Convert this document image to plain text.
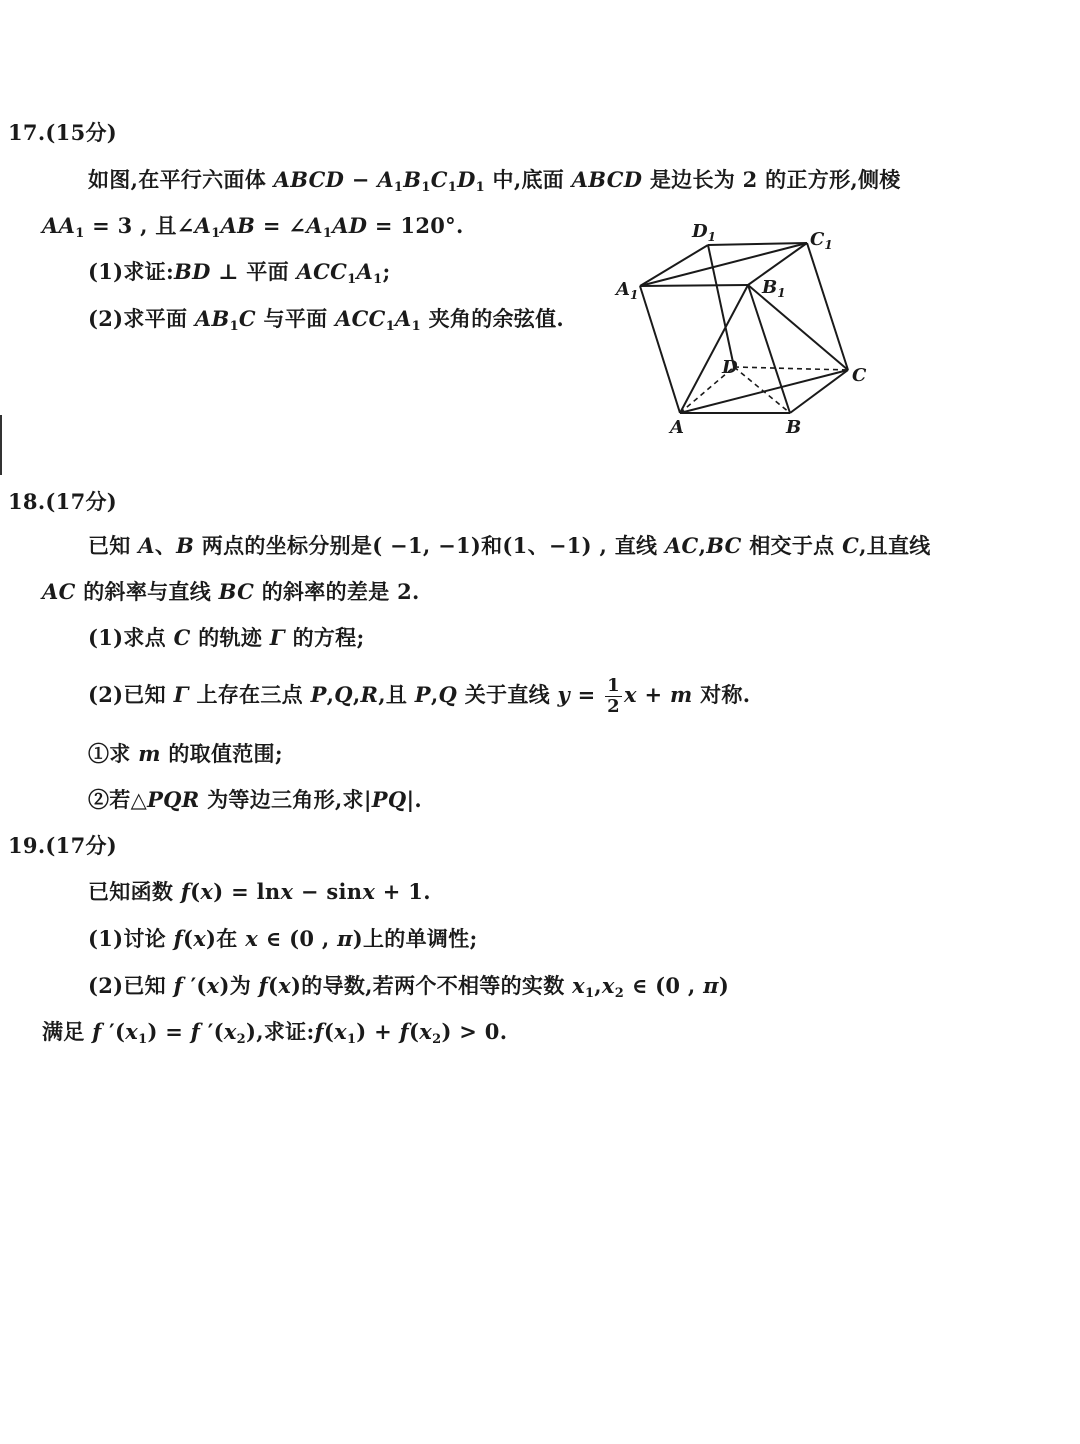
17.(15分)
如图,在平行六面体 ABCD − $A_1B_1C_1D_1$ 中,底面 ABCD 是边长为 2 的正方形,侧棱
$AA_1 = 3$ , 且$\angle A_1AB$ = $\angle A_1AD = 120^\circ$.
(1)求证:BD ⊥ 平面 $ACC_1A_1$;
(2)求平面 $AB_1C$ 与平面 $ACC_1A_1$ 夹角的余弦值.
$D_1$	$C_1$
$A_1$	$B_1$
D	C
A	B
18.(17分)
已知 A、B 两点的坐标分别是( −1, −1)和(1、−1) , 直线 AC,BC 相交于点 C,且直线
AC 的斜率与直线 BC 的斜率的差是 2.
(1)求点 C 的轨迹 Γ 的方程;
(2)已知 Γ 上存在三点 P,Q,R,且 P,Q 关于直线 $y = \frac{1}{2}$ x + m 对称.
①求 m 的取值范围;
②若△PQR 为等边三角形,求|PQ|.
19.(17分)
已知函数 f(x) = lnx − sinx + 1.
(1)讨论 f(x)在 x ∈ (0 , π)上的单调性;
(2)已知 f ′(x)为 f(x)的导数,若两个不相等的实数 $x_1,x_2$ ∈ (0 , π)
满足 f $'(x_1) = f$ $'(x_2)$,求证$:f(x_1) + f(x_2) > 0$.
